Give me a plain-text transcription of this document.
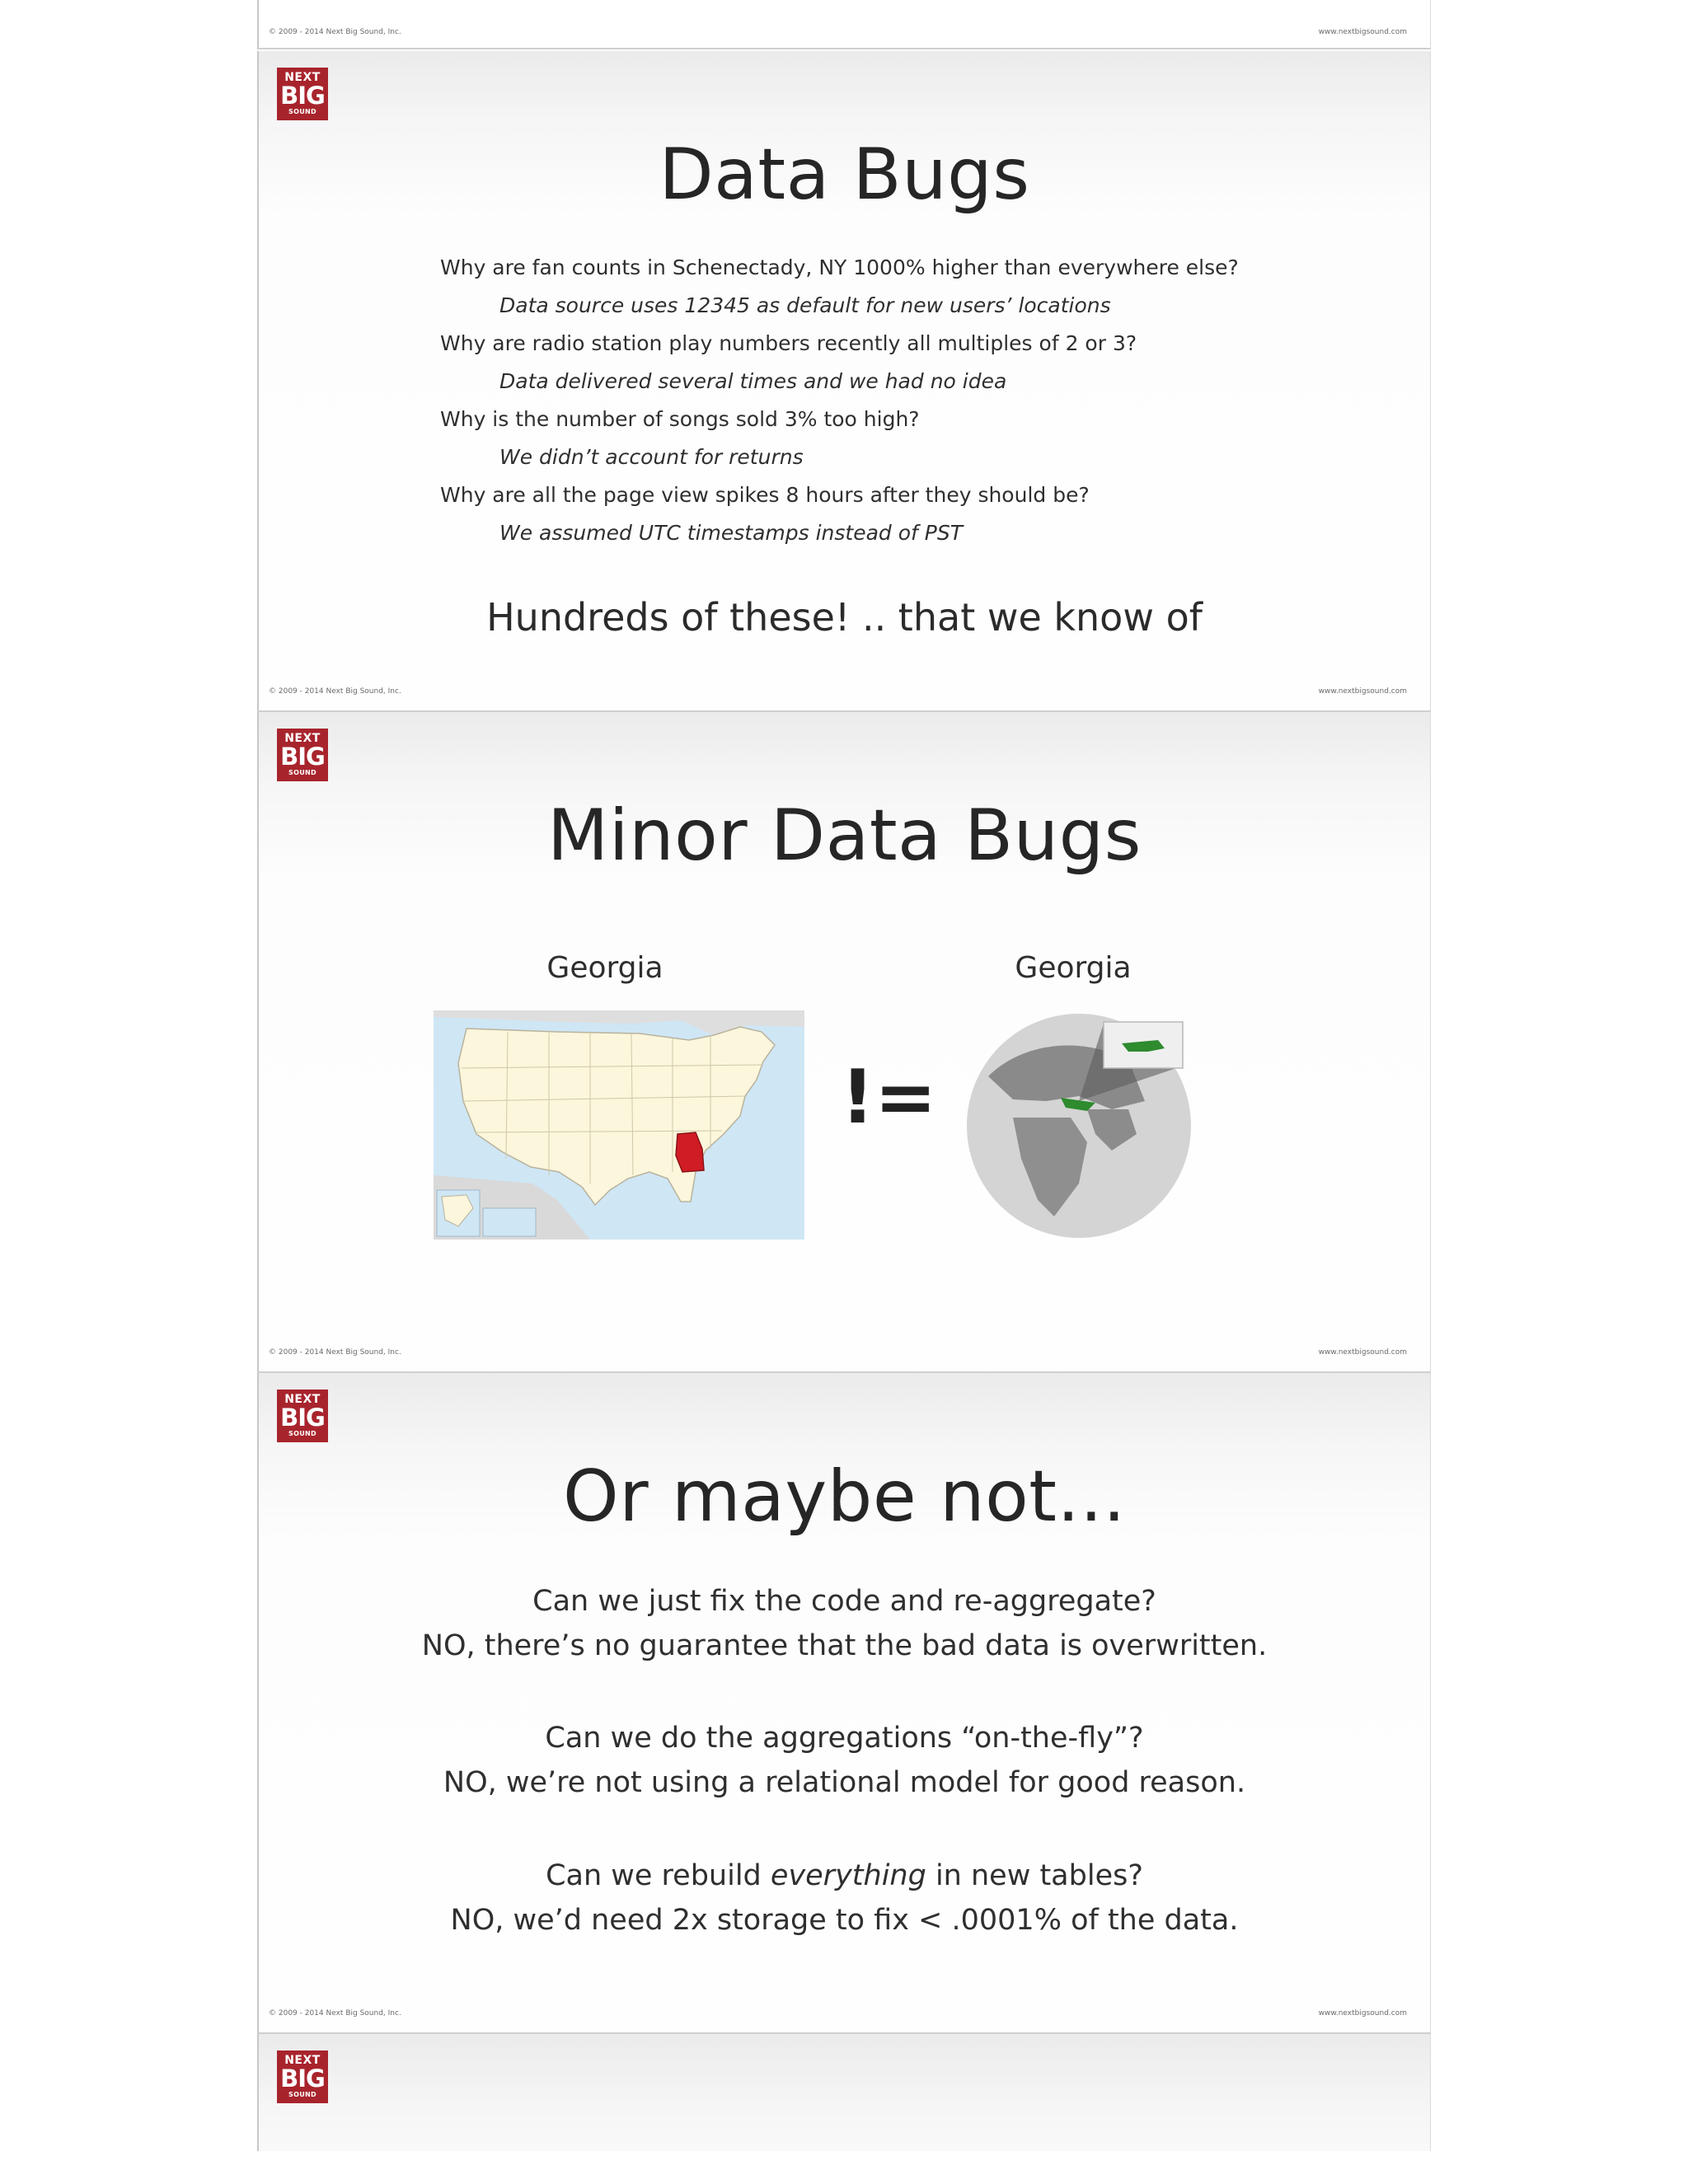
© 2009 - 2014 Next Big Sound, Inc.	www.nextbigsound.com
NEXT
BIG
SOUND
Data Bugs
Why are fan counts in Schenectady, NY 1000% higher than everywhere else?
Data source uses 12345 as default for new users’ locations
Why are radio station play numbers recently all multiples of 2 or 3?
Data delivered several times and we had no idea
Why is the number of songs sold 3% too high?
We didn’t account for returns
Why are all the page view spikes 8 hours after they should be?
We assumed UTC timestamps instead of PST
Hundreds of these! .. that we know of
© 2009 - 2014 Next Big Sound, Inc.	www.nextbigsound.com
NEXT
BIG
SOUND
Minor Data Bugs
Georgia	Georgia
!=
© 2009 - 2014 Next Big Sound, Inc.	www.nextbigsound.com
NEXT
BIG
SOUND
Or maybe not...
Can we just fix the code and re-aggregate?
NO, there’s no guarantee that the bad data is overwritten.
Can we do the aggregations “on-the-fly”?
NO, we’re not using a relational model for good reason.
Can we rebuild everything in new tables?
NO, we’d need 2x storage to fix < .0001% of the data.
© 2009 - 2014 Next Big Sound, Inc.	www.nextbigsound.com
NEXT
BIG
SOUND
